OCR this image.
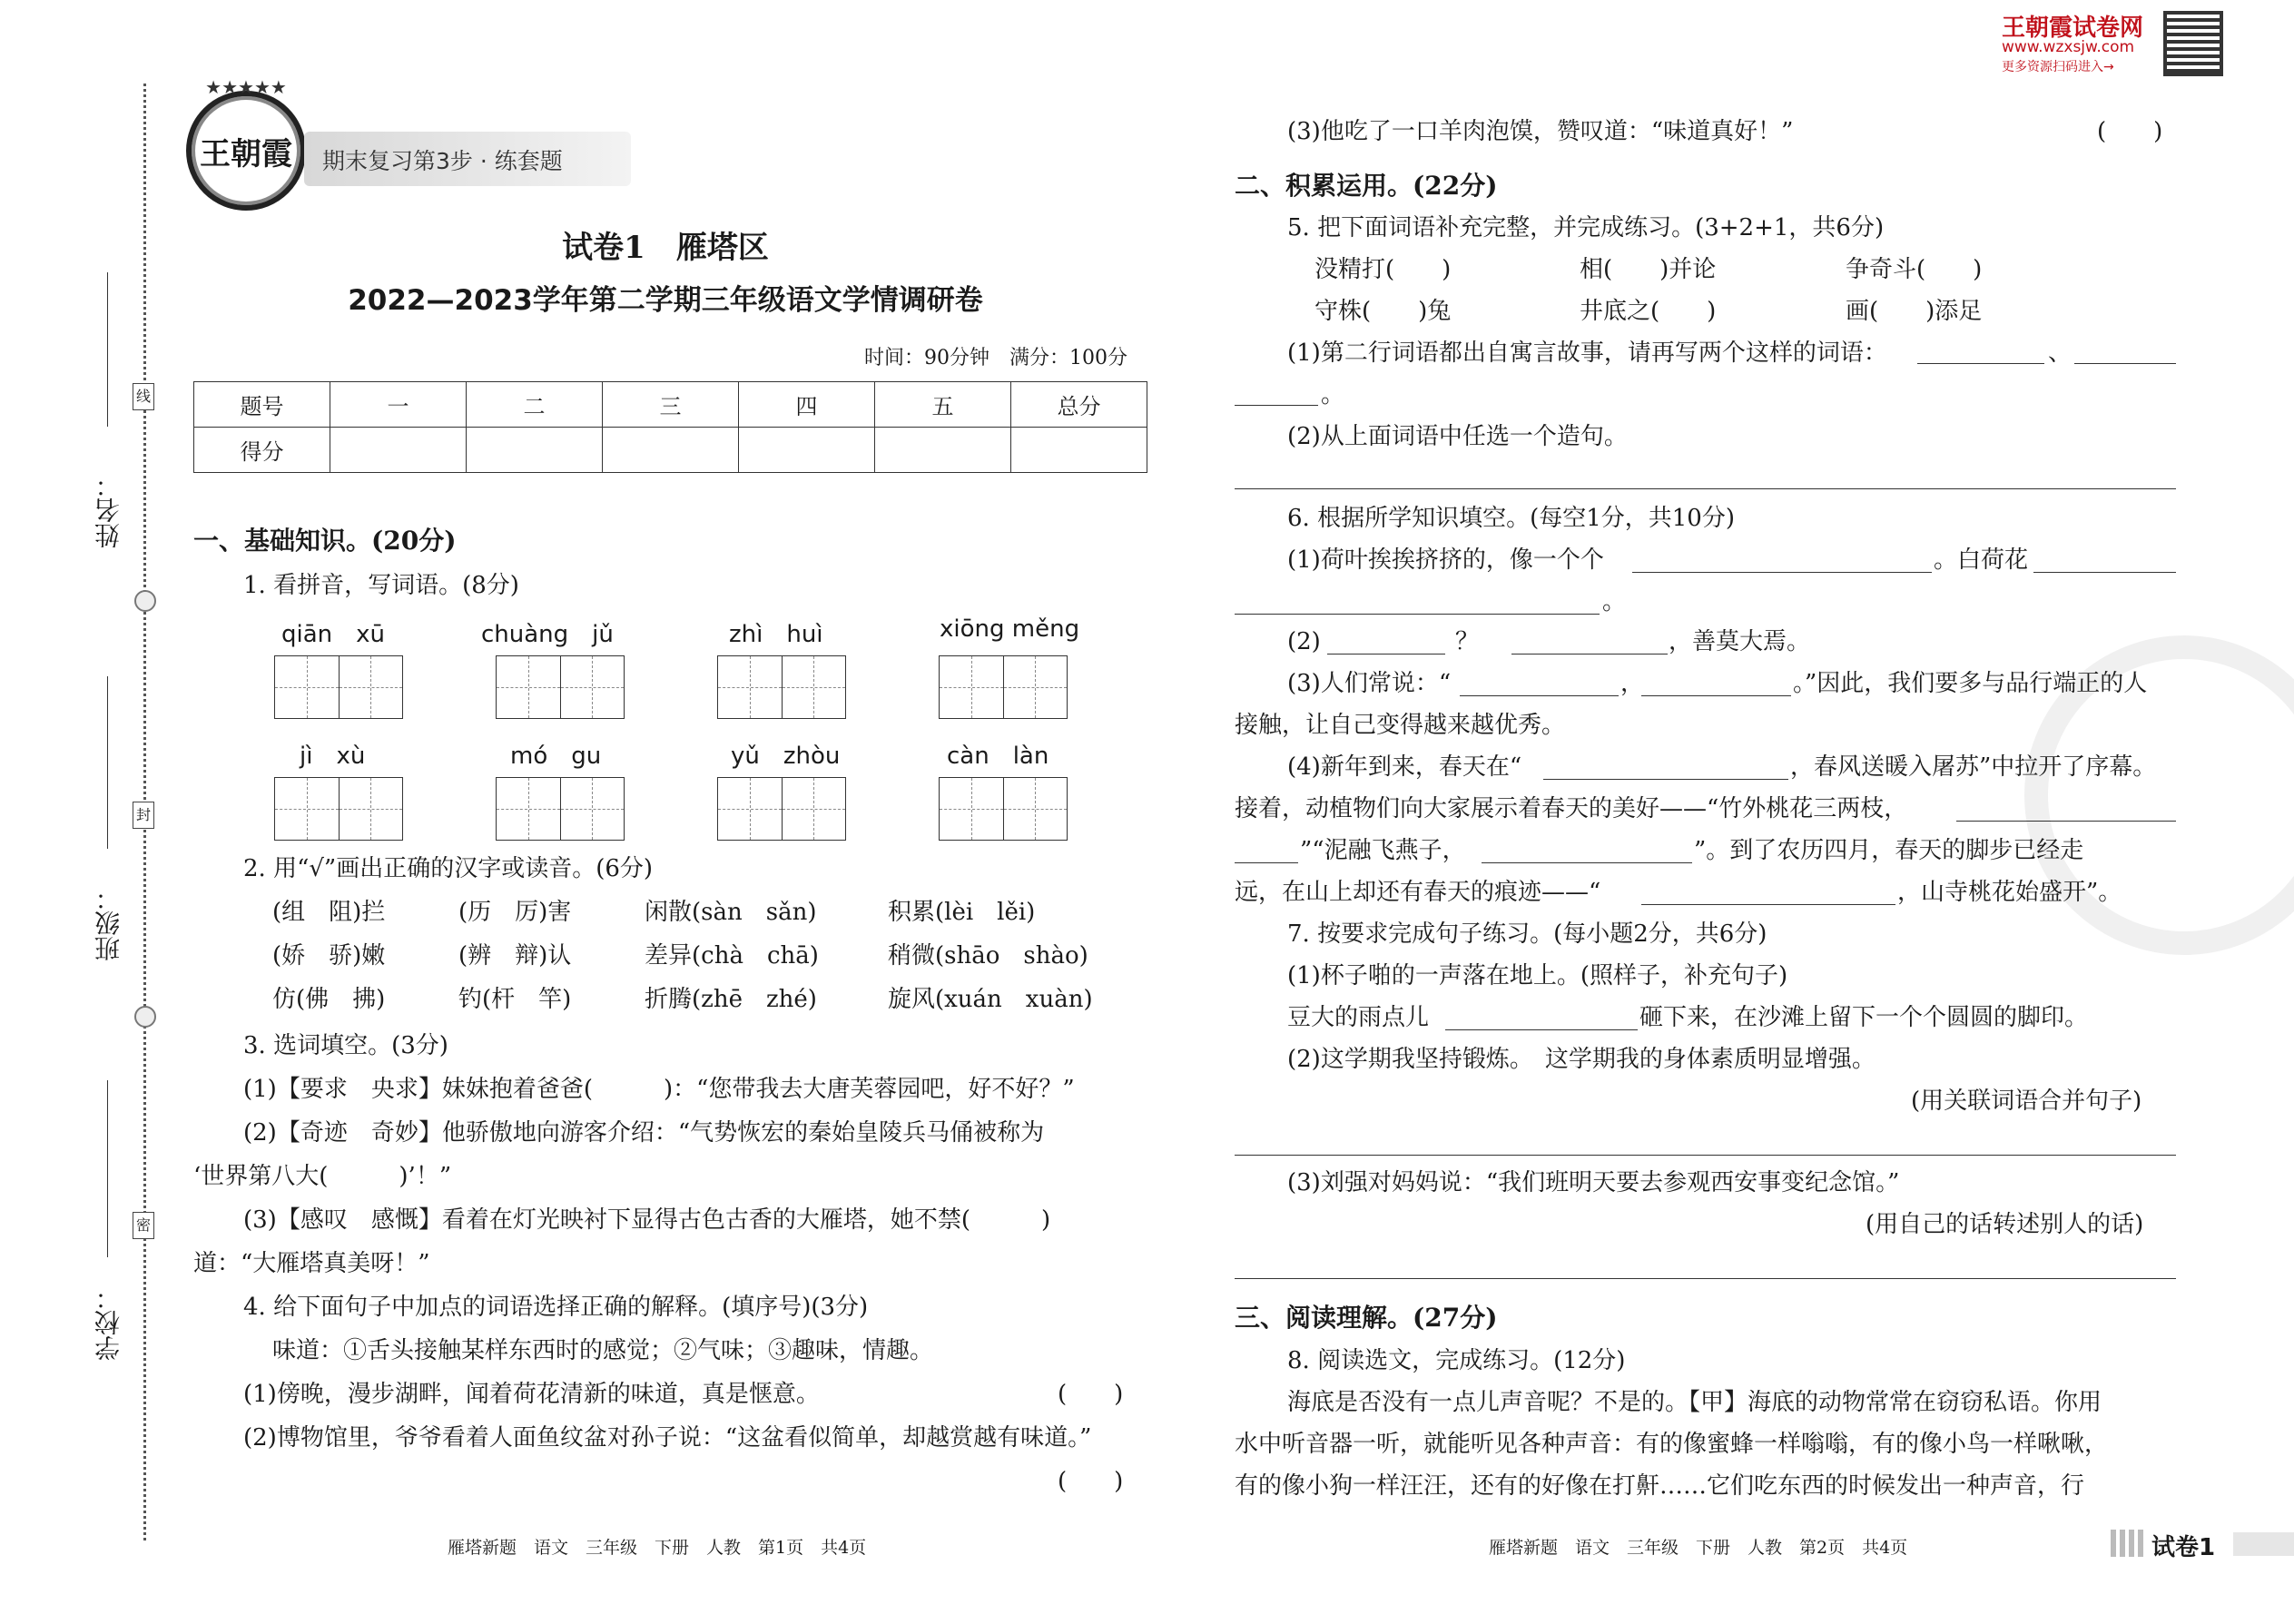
线
封
密
姓名：
班级：
学校：
★★★★★
王朝霞	期末复习第3步 · 练套题
王朝霞试卷网
www.wzxsjw.com
更多资源扫码进入→
试卷1　雁塔区
2022—2023学年第二学期三年级语文学情调研卷
时间：90分钟　满分：100分
题号	一	二	三	四	五	总分
得分						
一、基础知识。(20分)
1. 看拼音，写词语。(8分)
qiān　xū	chuàng　jǔ	zhì　huì	xiōng měng
jì　xù	mó　gu	yǔ　zhòu	càn　làn
2. 用“√”画出正确的汉字或读音。(6分)
(组　阻)拦	(历　厉)害	闲散(sàn　sǎn)	积累(lèi　lěi)
(娇　骄)嫩	(辨　辩)认	差异(chà　chā)	稍微(shāo　shào)
仿(佛　拂)	钓(杆　竿)	折腾(zhē　zhé)	旋风(xuán　xuàn)
3. 选词填空。(3分)
(1)【要求　央求】妹妹抱着爸爸(　　　)：“您带我去大唐芙蓉园吧，好不好？”
(2)【奇迹　奇妙】他骄傲地向游客介绍：“气势恢宏的秦始皇陵兵马俑被称为
‘世界第八大(　　　)’！”
(3)【感叹　感慨】看着在灯光映衬下显得古色古香的大雁塔，她不禁(　　　)
道：“大雁塔真美呀！”
4. 给下面句子中加点的词语选择正确的解释。(填序号)(3分)
味道：①舌头接触某样东西时的感觉；②气味；③趣味，情趣。
(1)傍晚，漫步湖畔，闻着荷花清新的味道，真是惬意。	(　　)
(2)博物馆里，爷爷看着人面鱼纹盆对孙子说：“这盆看似简单，却越赏越有味道。”
(　　)
雁塔新题　语文　三年级　下册　人教　第1页　共4页
(3)他吃了一口羊肉泡馍，赞叹道：“味道真好！”	(　　)
二、积累运用。(22分)
5. 把下面词语补充完整，并完成练习。(3+2+1，共6分)
没精打(　　)	相(　　)并论	争奇斗(　　)
守株(　　)兔	井底之(　　)	画(　　)添足
(1)第二行词语都出自寓言故事，请再写两个这样的词语：	、
。
(2)从上面词语中任选一个造句。
6. 根据所学知识填空。(每空1分，共10分)
(1)荷叶挨挨挤挤的，像一个个	。白荷花
。
(2)	？	，善莫大焉。
(3)人们常说：“	，	。”因此，我们要多与品行端正的人
接触，让自己变得越来越优秀。
(4)新年到来，春天在“	，春风送暖入屠苏”中拉开了序幕。
接着，动植物们向大家展示着春天的美好——“竹外桃花三两枝，
”“泥融飞燕子，	”。到了农历四月，春天的脚步已经走
远，在山上却还有春天的痕迹——“	，山寺桃花始盛开”。
7. 按要求完成句子练习。(每小题2分，共6分)
(1)杯子啪的一声落在地上。(照样子，补充句子)
豆大的雨点儿	砸下来，在沙滩上留下一个个圆圆的脚印。
(2)这学期我坚持锻炼。　这学期我的身体素质明显增强。
(用关联词语合并句子)
(3)刘强对妈妈说：“我们班明天要去参观西安事变纪念馆。”
(用自己的话转述别人的话)
三、阅读理解。(27分)
8. 阅读选文，完成练习。(12分)
海底是否没有一点儿声音呢？不是的。【甲】海底的动物常常在窃窃私语。你用
水中听音器一听，就能听见各种声音：有的像蜜蜂一样嗡嗡，有的像小鸟一样啾啾，
有的像小狗一样汪汪，还有的好像在打鼾……它们吃东西的时候发出一种声音，行
雁塔新题　语文　三年级　下册　人教　第2页　共4页	试卷1
